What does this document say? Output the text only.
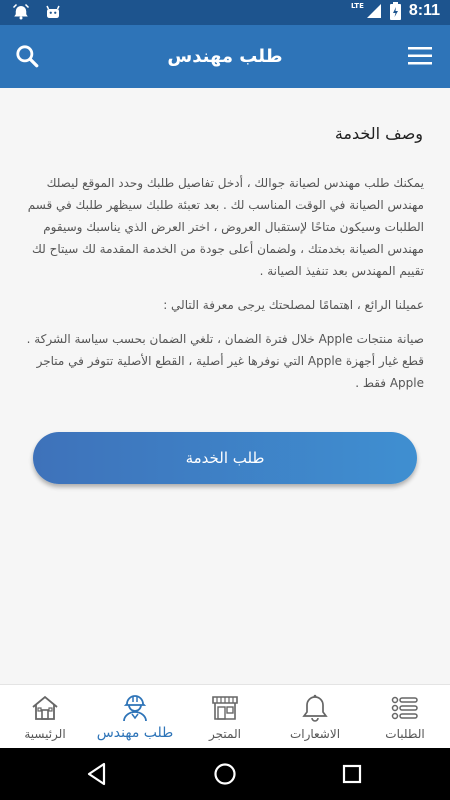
LTE	8:11
طلب مهندس
وصف الخدمة

يمكنك طلب مهندس لصيانة جوالك ، أدخل تفاصيل طلبك وحدد الموقع ليصلك مهندس الصيانة في الوقت المناسب لك . بعد تعبئة طلبك سيظهر طلبك في قسم الطلبات وسيكون متاحًا لإستقبال العروض ، اختر العرض الذي يناسبك وسيقوم مهندس الصيانة بخدمتك ، ولضمان أعلى جودة من الخدمة المقدمة لك سيتاح لك تقييم المهندس بعد تنفيذ الصيانة .

عميلنا الرائع ، اهتمامًا لمصلحتك يرجى معرفة التالي :

صيانة منتجات Apple خلال فترة الضمان ، تلغي الضمان بحسب سياسة الشركة . قطع غيار أجهزة Apple التي نوفرها غير أصلية ، القطع الأصلية تتوفر في متاجر Apple فقط .

طلب الخدمة
الرئيسية طلب مهندس	المتجر	الاشعارات	الطلبات
